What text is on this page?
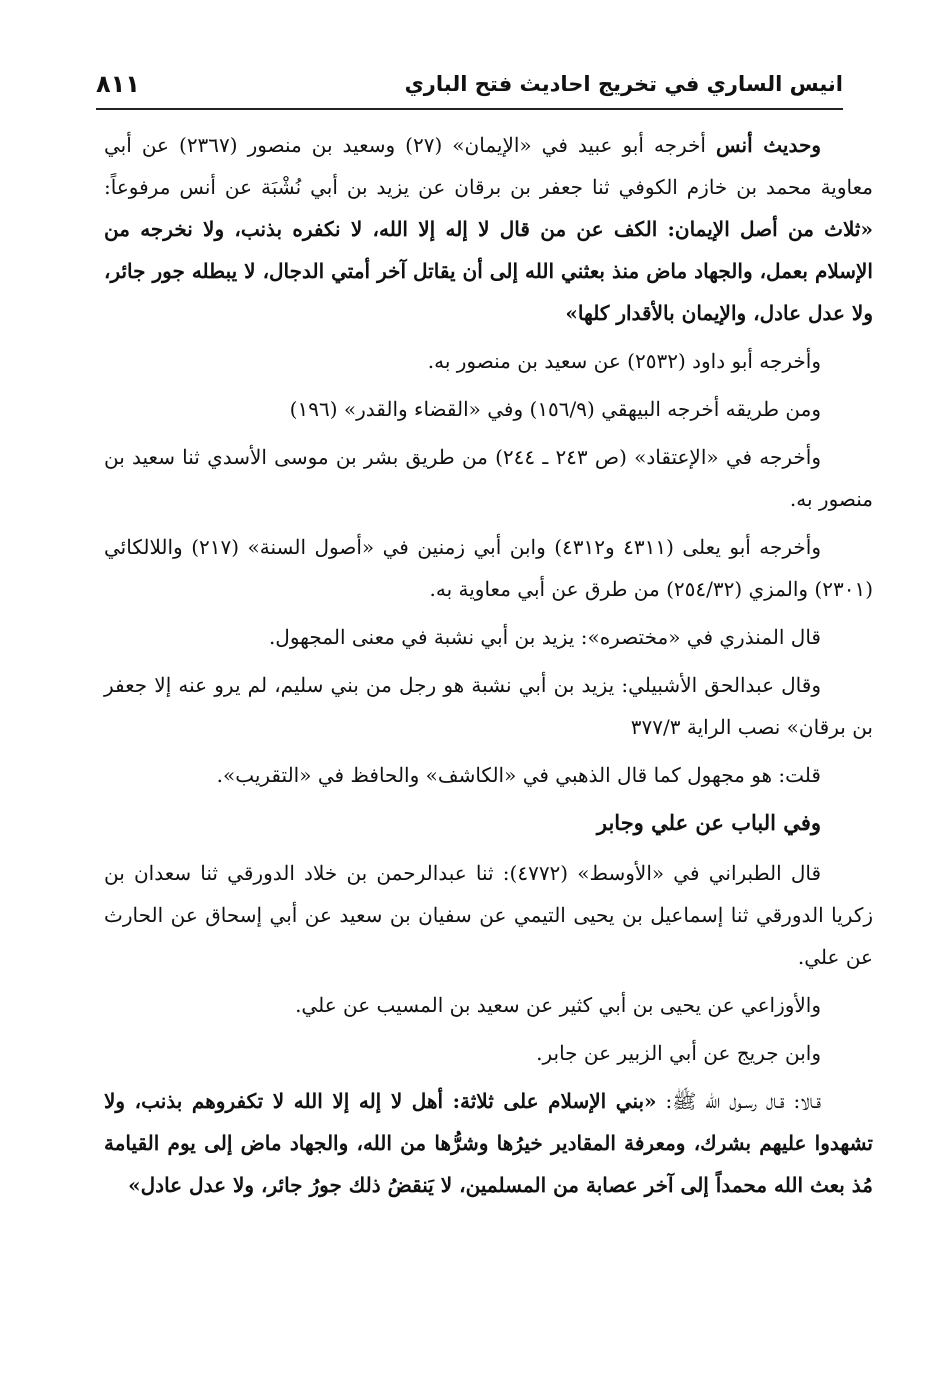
انيس الساري في تخريج احاديث فتح الباري
٨١١

وحديث أنس أخرجه أبو عبيد في «الإيمان» (٢٧) وسعيد بن منصور (٢٣٦٧) عن أبي معاوية محمد بن خازم الكوفي ثنا جعفر بن برقان عن يزيد بن أبي نُشْبَة عن أنس مرفوعاً: «ثلاث من أصل الإيمان: الكف عن من قال لا إله إلا الله، لا نكفره بذنب، ولا نخرجه من الإسلام بعمل، والجهاد ماض منذ بعثني الله إلى أن يقاتل آخر أمتي الدجال، لا يبطله جور جائر، ولا عدل عادل، والإيمان بالأقدار كلها»

وأخرجه أبو داود (٢٥٣٢) عن سعيد بن منصور به.

ومن طريقه أخرجه البيهقي (١٥٦/٩) وفي «القضاء والقدر» (١٩٦)

وأخرجه في «الإعتقاد» (ص ٢٤٣ ـ ٢٤٤) من طريق بشر بن موسى الأسدي ثنا سعيد بن منصور به.

وأخرجه أبو يعلى (٤٣١١ و٤٣١٢) وابن أبي زمنين في «أصول السنة» (٢١٧) واللالكائي (٢٣٠١) والمزي (٢٥٤/٣٢) من طرق عن أبي معاوية به.

قال المنذري في «مختصره»: يزيد بن أبي نشبة في معنى المجهول.

وقال عبدالحق الأشبيلي: يزيد بن أبي نشبة هو رجل من بني سليم، لم يرو عنه إلا جعفر بن برقان» نصب الراية ٣٧٧/٣

قلت: هو مجهول كما قال الذهبي في «الكاشف» والحافظ في «التقريب».

وفي الباب عن علي وجابر

قال الطبراني في «الأوسط» (٤٧٧٢): ثنا عبدالرحمن بن خلاد الدورقي ثنا سعدان بن زكريا الدورقي ثنا إسماعيل بن يحيى التيمي عن سفيان بن سعيد عن أبي إسحاق عن الحارث عن علي.

والأوزاعي عن يحيى بن أبي كثير عن سعيد بن المسيب عن علي.

وابن جريج عن أبي الزبير عن جابر.

قـالا: قـال رسـول الله ﷺ: «بني الإسلام على ثلاثة: أهل لا إله إلا الله لا تكفروهم بذنب، ولا تشهدوا عليهم بشرك، ومعرفة المقادير خيرُها وشرُّها من الله، والجهاد ماض إلى يوم القيامة مُذ بعث الله محمداً إلى آخر عصابة من المسلمين، لا يَنقضُ ذلك جورُ جائر، ولا عدل عادل»
